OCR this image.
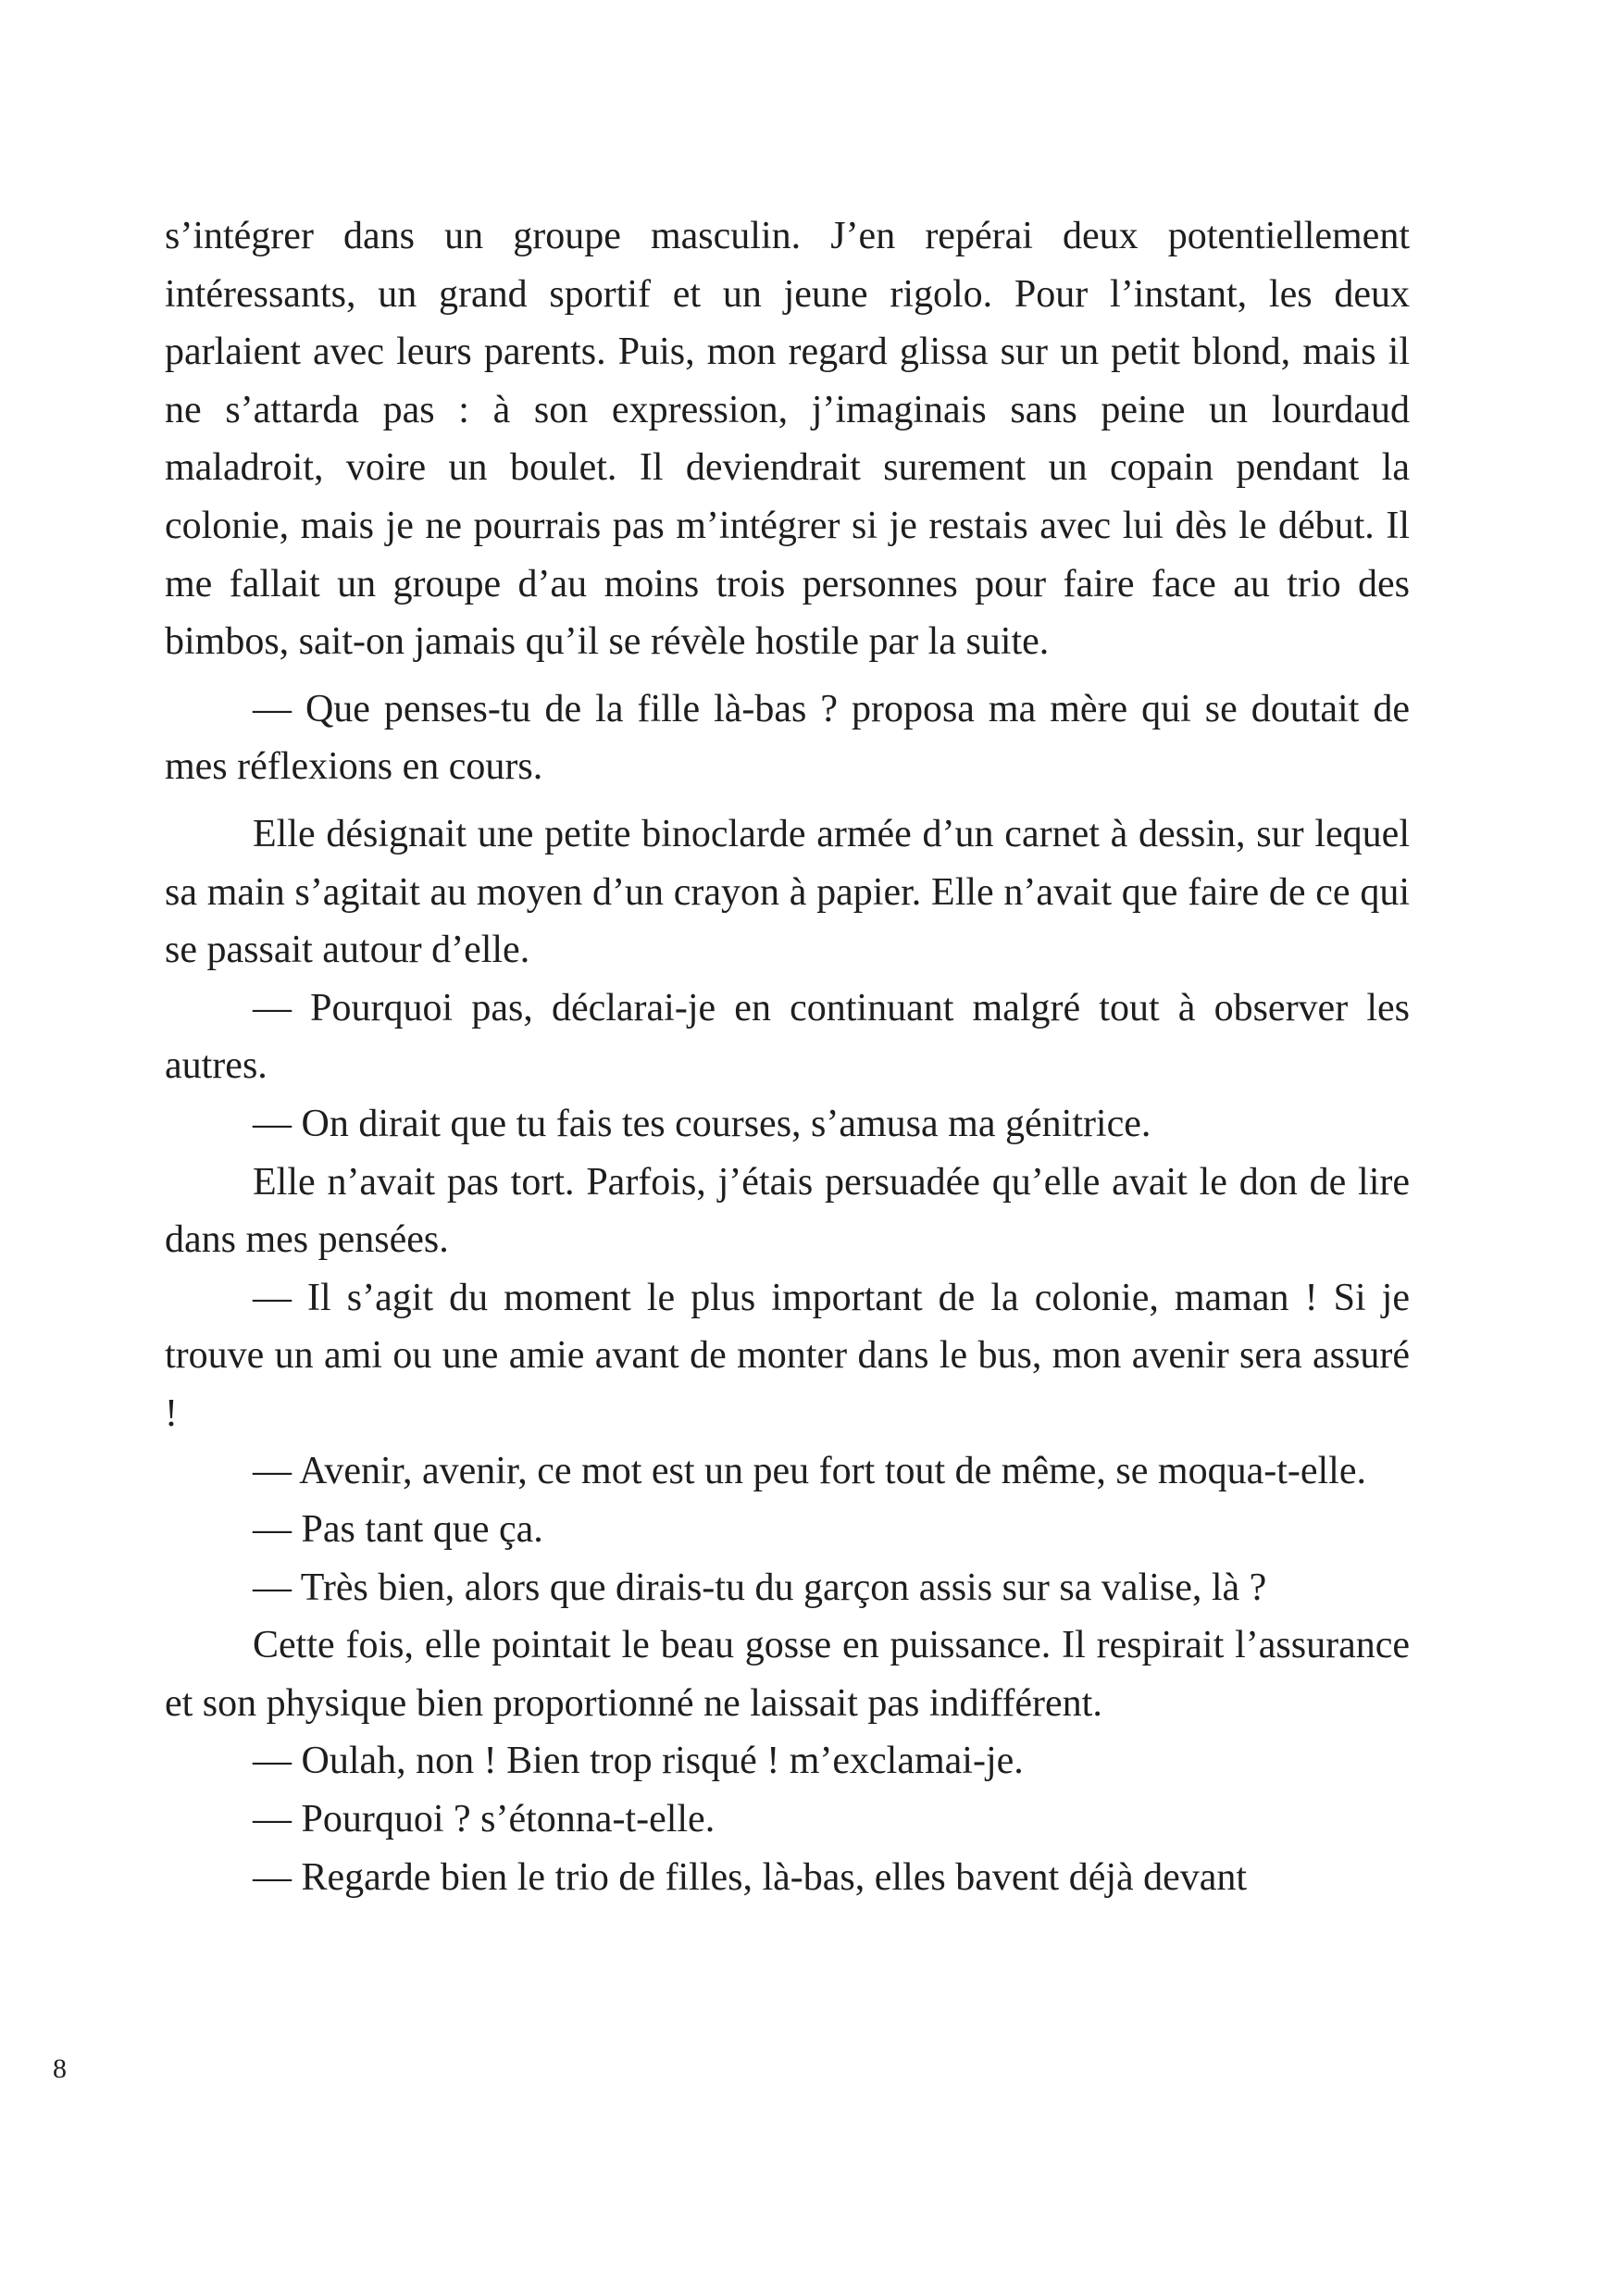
s’intégrer dans un groupe masculin. J’en repérai deux potentiellement intéressants, un grand sportif et un jeune rigolo. Pour l’instant, les deux parlaient avec leurs parents. Puis, mon regard glissa sur un petit blond, mais il ne s’attarda pas : à son expression, j’imaginais sans peine un lourdaud maladroit, voire un boulet. Il deviendrait surement un copain pendant la colonie, mais je ne pourrais pas m’intégrer si je restais avec lui dès le début. Il me fallait un groupe d’au moins trois personnes pour faire face au trio des bimbos, sait-on jamais qu’il se révèle hostile par la suite.

— Que penses-tu de la fille là-bas ? proposa ma mère qui se doutait de mes réflexions en cours.

Elle désignait une petite binoclarde armée d’un carnet à dessin, sur lequel sa main s’agitait au moyen d’un crayon à papier. Elle n’avait que faire de ce qui se passait autour d’elle.

— Pourquoi pas, déclarai-je en continuant malgré tout à observer les autres.

— On dirait que tu fais tes courses, s’amusa ma génitrice.

Elle n’avait pas tort. Parfois, j’étais persuadée qu’elle avait le don de lire dans mes pensées.

— Il s’agit du moment le plus important de la colonie, maman ! Si je trouve un ami ou une amie avant de monter dans le bus, mon avenir sera assuré !

— Avenir, avenir, ce mot est un peu fort tout de même, se moqua-t-elle.

— Pas tant que ça.

— Très bien, alors que dirais-tu du garçon assis sur sa valise, là ?

Cette fois, elle pointait le beau gosse en puissance. Il respirait l’assurance et son physique bien proportionné ne laissait pas indifférent.

— Oulah, non ! Bien trop risqué ! m’exclamai-je.

— Pourquoi ? s’étonna-t-elle.

— Regarde bien le trio de filles, là-bas, elles bavent déjà devant

8
